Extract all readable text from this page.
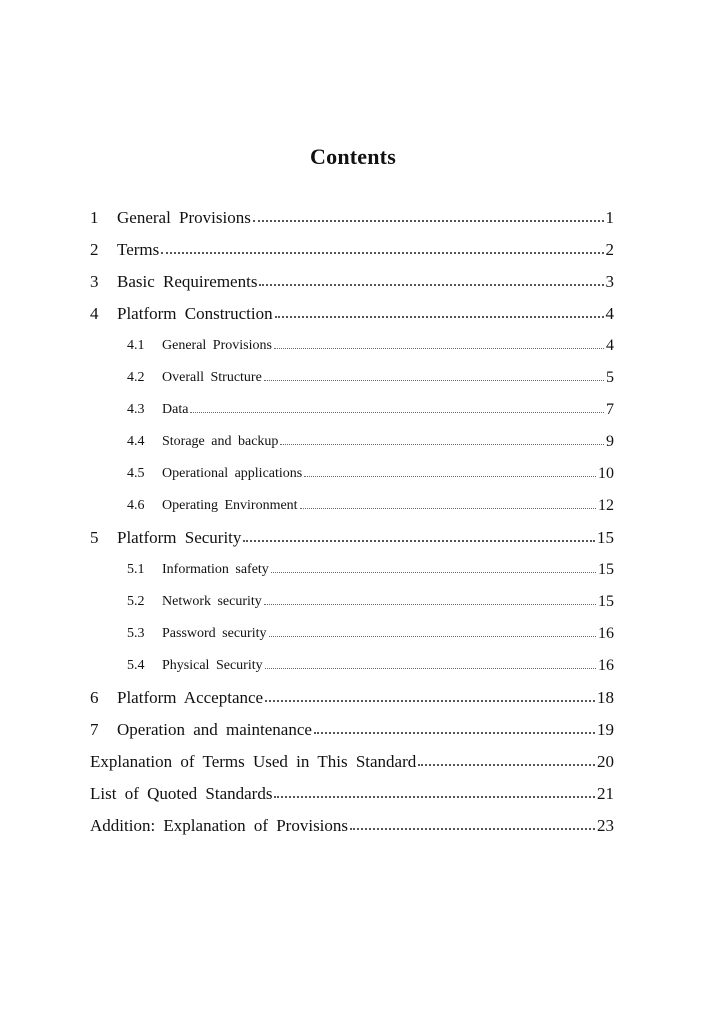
Contents
1	General Provisions	1
2	Terms	2
3	Basic Requirements	3
4	Platform Construction	4
4.1	General Provisions	4
4.2	Overall Structure	5
4.3	Data	7
4.4	Storage and backup	9
4.5	Operational applications	10
4.6	Operating Environment	12
5	Platform Security	15
5.1	Information safety	15
5.2	Network security	15
5.3	Password security	16
5.4	Physical Security	16
6	Platform Acceptance	18
7	Operation and maintenance	19
Explanation of Terms Used in This Standard	20
List of Quoted Standards	21
Addition: Explanation of Provisions	23
